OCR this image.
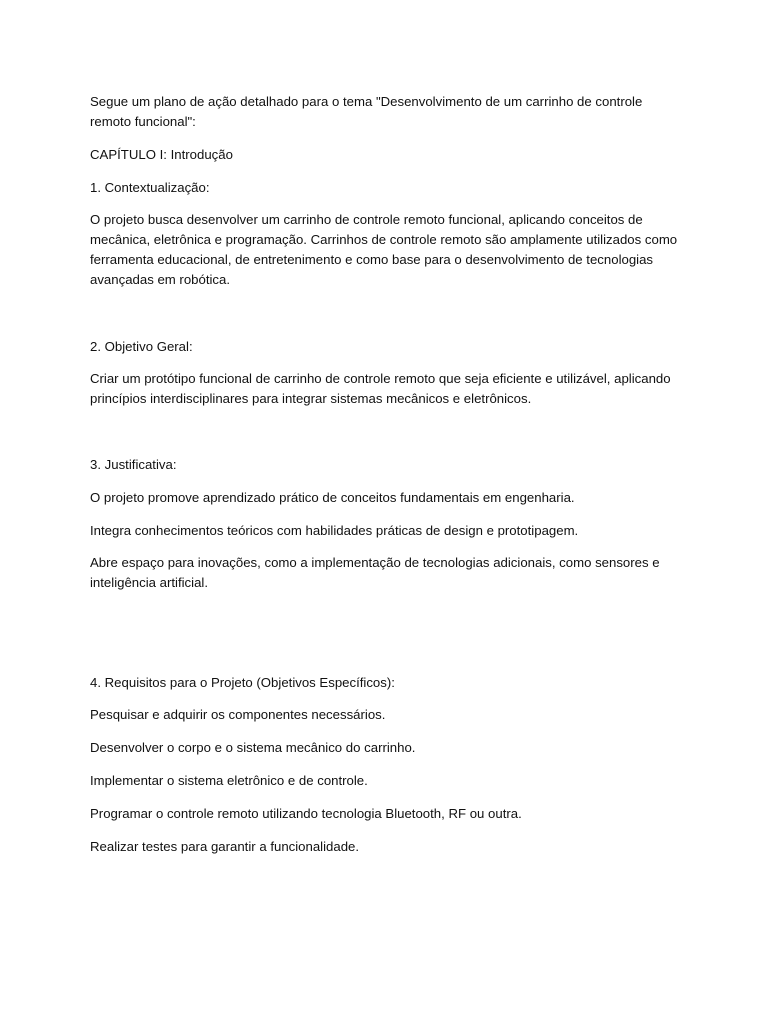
Segue um plano de ação detalhado para o tema "Desenvolvimento de um carrinho de controle remoto funcional":

CAPÍTULO I: Introdução

1. Contextualização:

O projeto busca desenvolver um carrinho de controle remoto funcional, aplicando conceitos de mecânica, eletrônica e programação. Carrinhos de controle remoto são amplamente utilizados como ferramenta educacional, de entretenimento e como base para o desenvolvimento de tecnologias avançadas em robótica.

2. Objetivo Geral:

Criar um protótipo funcional de carrinho de controle remoto que seja eficiente e utilizável, aplicando princípios interdisciplinares para integrar sistemas mecânicos e eletrônicos.

3. Justificativa:

O projeto promove aprendizado prático de conceitos fundamentais em engenharia.

Integra conhecimentos teóricos com habilidades práticas de design e prototipagem.

Abre espaço para inovações, como a implementação de tecnologias adicionais, como sensores e inteligência artificial.

4. Requisitos para o Projeto (Objetivos Específicos):

Pesquisar e adquirir os componentes necessários.

Desenvolver o corpo e o sistema mecânico do carrinho.

Implementar o sistema eletrônico e de controle.

Programar o controle remoto utilizando tecnologia Bluetooth, RF ou outra.

Realizar testes para garantir a funcionalidade.
